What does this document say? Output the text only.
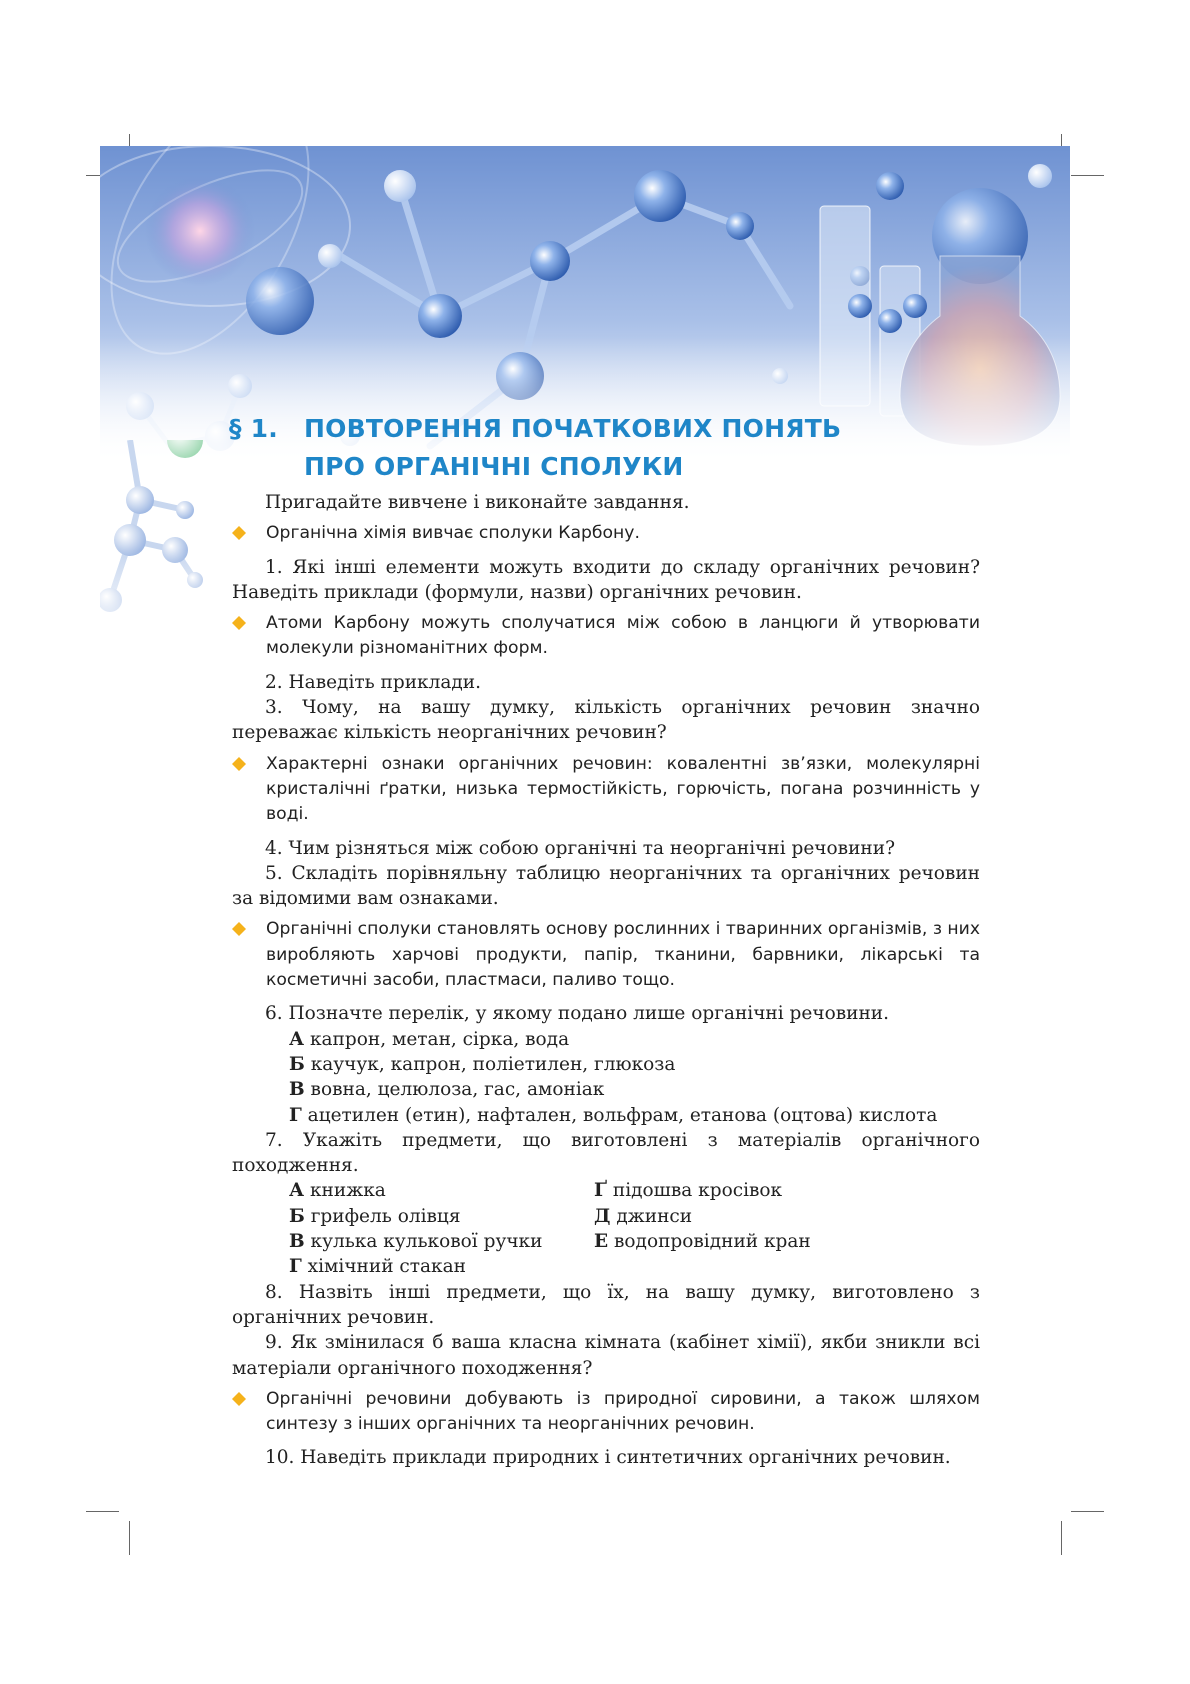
§ 1. ПОВТОРЕННЯ ПОЧАТКОВИХ ПОНЯТЬ
ПРО ОРГАНІЧНІ СПОЛУКИ

Пригадайте вивчене і виконайте завдання.

Органічна хімія вивчає сполуки Карбону.

1. Які інші елементи можуть входити до складу органічних речовин? Наведіть приклади (формули, назви) органічних речовин.

Атоми Карбону можуть сполучатися між собою в ланцюги й утворювати молекули різноманітних форм.

2. Наведіть приклади.

3. Чому, на вашу думку, кількість органічних речовин значно переважає кількість неорганічних речовин?

Характерні ознаки органічних речовин: ковалентні зв’язки, молекулярні кристалічні ґратки, низька термостійкість, горючість, погана розчинність у воді.

4. Чим різняться між собою органічні та неорганічні речовини?

5. Складіть порівняльну таблицю неорганічних та органічних речовин за відомими вам ознаками.

Органічні сполуки становлять основу рослинних і тваринних організмів, з них виробляють харчові продукти, папір, тканини, барвники, лікарські та косметичні засоби, пластмаси, паливо тощо.

6. Позначте перелік, у якому подано лише органічні речовини.

А капрон, метан, сірка, вода
Б каучук, капрон, поліетилен, глюкоза
В вовна, целюлоза, гас, амоніак
Г ацетилен (етин), нафтален, вольфрам, етанова (оцтова) кислота

7. Укажіть предмети, що виготовлені з матеріалів органічного походження.

А книжка	Ґ підошва кросівок
Б грифель олівця	Д джинси
В кулька кулькової ручки	Е водопровідний кран
Г хімічний стакан

8. Назвіть інші предмети, що їх, на вашу думку, виготовлено з органічних речовин.

9. Як змінилася б ваша класна кімната (кабінет хімії), якби зникли всі матеріали органічного походження?

Органічні речовини добувають із природної сировини, а також шляхом синтезу з інших органічних та неорганічних речовин.

10. Наведіть приклади природних і синтетичних органічних речовин.
